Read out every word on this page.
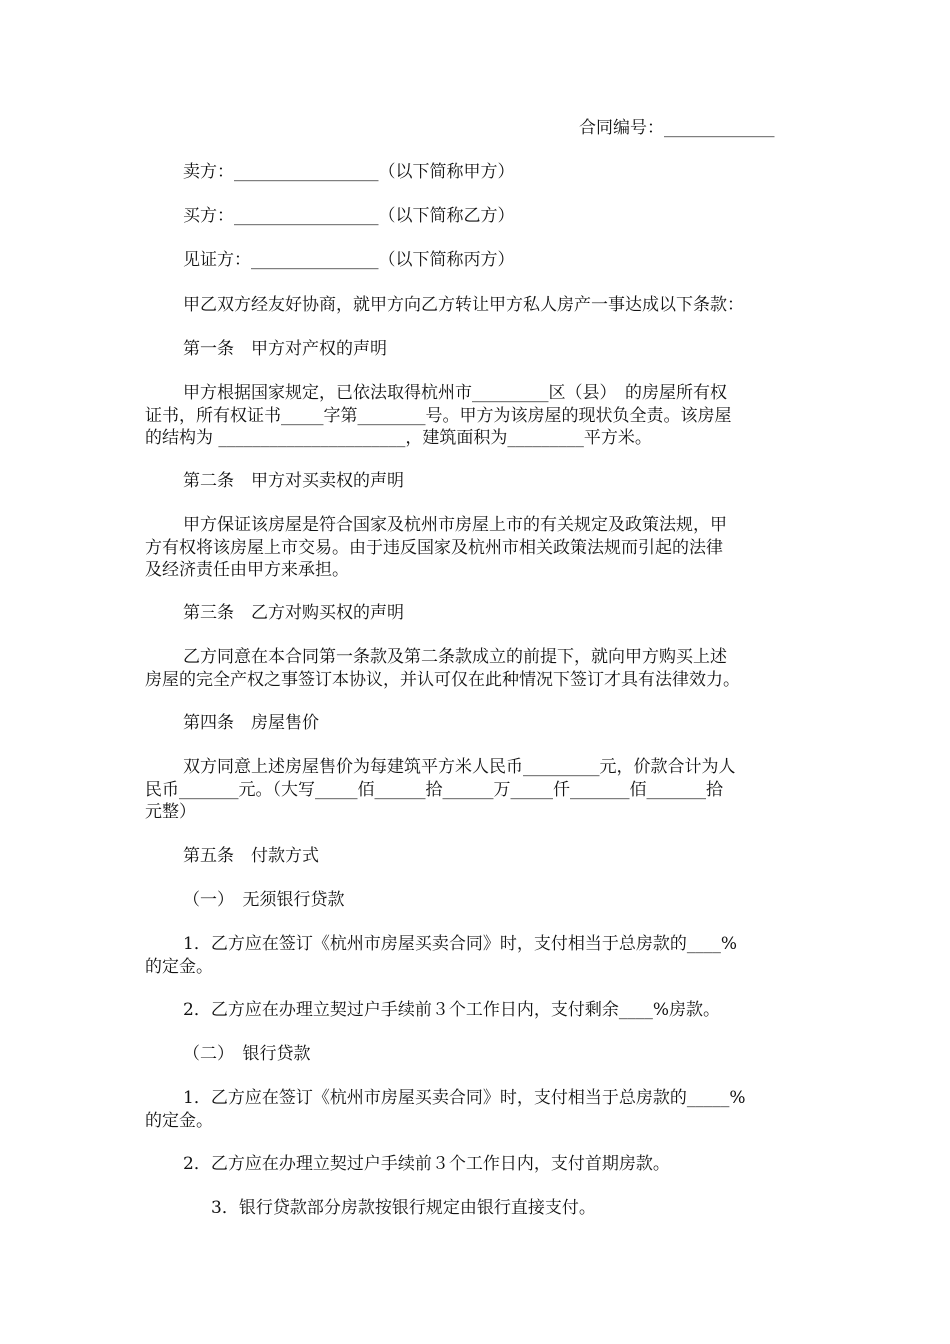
合同编号：_____________
卖方：_________________（以下简称甲方）
买方：_________________（以下简称乙方）
见证方：_______________（以下简称丙方）
甲乙双方经友好协商，就甲方向乙方转让甲方私人房产一事达成以下条款：
第一条　甲方对产权的声明
甲方根据国家规定，已依法取得杭州市_________区（县）　的房屋所有权
证书，所有权证书_____字第________号。甲方为该房屋的现状负全责。该房屋
的结构为 ______________________，建筑面积为_________平方米。
第二条　甲方对买卖权的声明
甲方保证该房屋是符合国家及杭州市房屋上市的有关规定及政策法规，甲
方有权将该房屋上市交易。由于违反国家及杭州市相关政策法规而引起的法律
及经济责任由甲方来承担。
第三条　乙方对购买权的声明
乙方同意在本合同第一条款及第二条款成立的前提下，就向甲方购买上述
房屋的完全产权之事签订本协议，并认可仅在此种情况下签订才具有法律效力。
第四条　房屋售价
双方同意上述房屋售价为每建筑平方米人民币_________元，价款合计为人
民币_______元。（大写_____佰______拾______万_____仟_______佰_______拾
元整）
第五条　付款方式
（一）　无须银行贷款
1．乙方应在签订《杭州市房屋买卖合同》时，支付相当于总房款的____%
的定金。
2．乙方应在办理立契过户手续前３个工作日内，支付剩余____%房款。
（二）　银行贷款
1．乙方应在签订《杭州市房屋买卖合同》时，支付相当于总房款的_____%
的定金。
2．乙方应在办理立契过户手续前３个工作日内，支付首期房款。
3．银行贷款部分房款按银行规定由银行直接支付。
